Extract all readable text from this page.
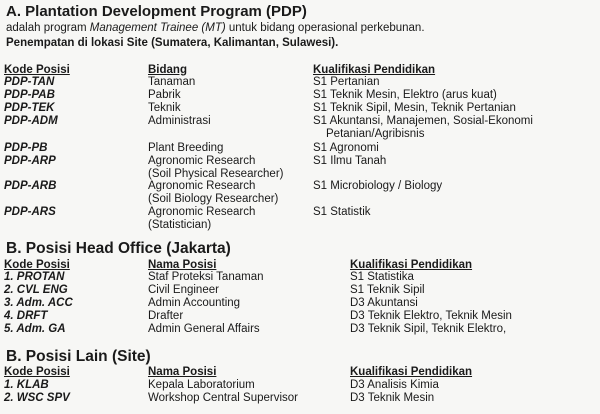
A. Plantation Development Program (PDP)
adalah program Management Trainee (MT) untuk bidang operasional perkebunan.
Penempatan di lokasi Site (Sumatera, Kalimantan, Sulawesi).
Kode Posisi	Bidang	Kualifikasi Pendidikan
PDP-TAN	Tanaman	S1 Pertanian
PDP-PAB	Pabrik	S1 Teknik Mesin, Elektro (arus kuat)
PDP-TEK	Teknik	S1 Teknik Sipil, Mesin, Teknik Pertanian
PDP-ADM	Administrasi	S1 Akuntansi, Manajemen, Sosial-Ekonomi
Petanian/Agribisnis
PDP-PB	Plant Breeding	S1 Agronomi
PDP-ARP	Agronomic Research	S1 Ilmu Tanah
(Soil Physical Researcher)
PDP-ARB	Agronomic Research	S1 Microbiology / Biology
(Soil Biology Researcher)
PDP-ARS	Agronomic Research	S1 Statistik
(Statistician)
B. Posisi Head Office (Jakarta)
Kode Posisi	Nama Posisi	Kualifikasi Pendidikan
1. PROTAN	Staf Proteksi Tanaman	S1 Statistika
2. CVL ENG	Civil Engineer	S1 Teknik Sipil
3. Adm. ACC	Admin Accounting	D3 Akuntansi
4. DRFT	Drafter	D3 Teknik Elektro, Teknik Mesin
5. Adm. GA	Admin General Affairs	D3 Teknik Sipil, Teknik Elektro,
B. Posisi Lain (Site)
Kode Posisi	Nama Posisi	Kualifikasi Pendidikan
1. KLAB	Kepala Laboratorium	D3 Analisis Kimia
2. WSC SPV	Workshop Central Supervisor	D3 Teknik Mesin
